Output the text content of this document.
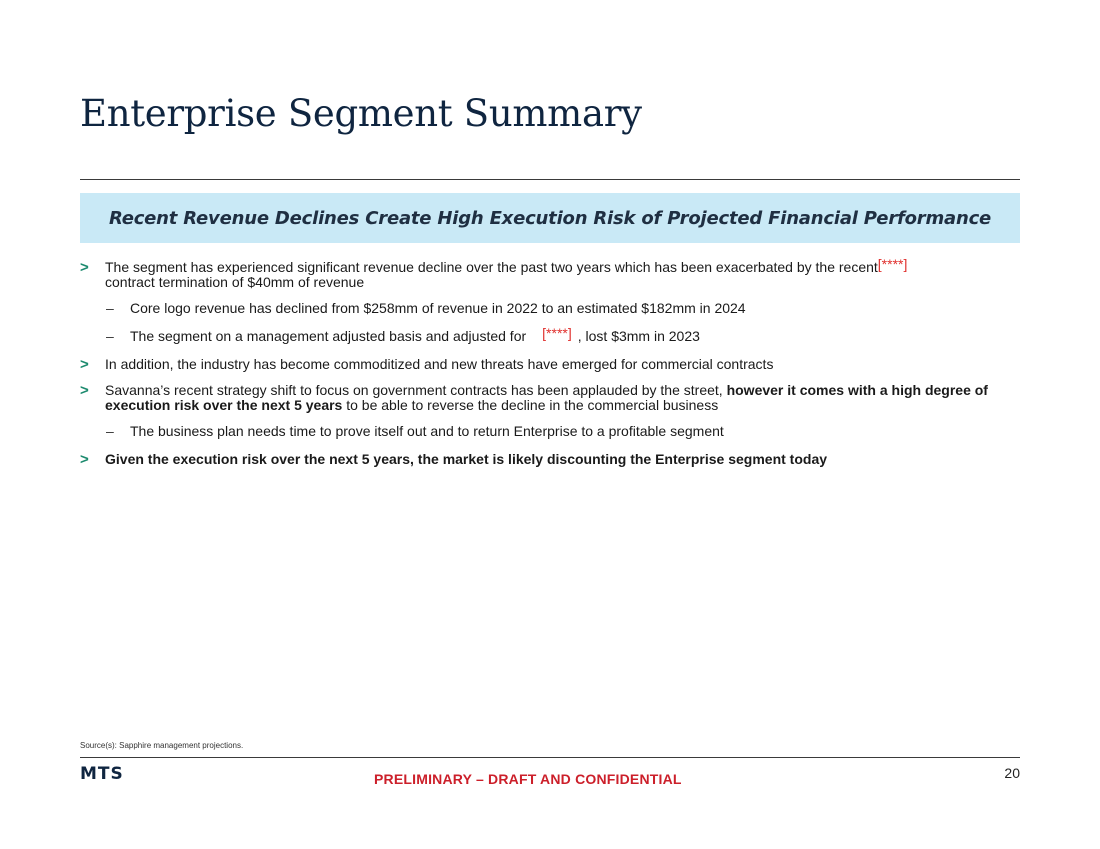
Enterprise Segment Summary
Recent Revenue Declines Create High Execution Risk of Projected Financial Performance
> The segment has experienced significant revenue decline over the past two years which has been exacerbated by the recent[****]
contract termination of $40mm of revenue
– Core logo revenue has declined from $258mm of revenue in 2022 to an estimated $182mm in 2024
– The segment on a management adjusted basis and adjusted for [****] , lost $3mm in 2023
> In addition, the industry has become commoditized and new threats have emerged for commercial contracts
> Savanna’s recent strategy shift to focus on government contracts has been applauded by the street, however it comes with a high degree of execution risk over the next 5 years to be able to reverse the decline in the commercial business
– The business plan needs time to prove itself out and to return Enterprise to a profitable segment
> Given the execution risk over the next 5 years, the market is likely discounting the Enterprise segment today
Source(s): Sapphire management projections.
MTS	PRELIMINARY – DRAFT AND CONFIDENTIAL	20
